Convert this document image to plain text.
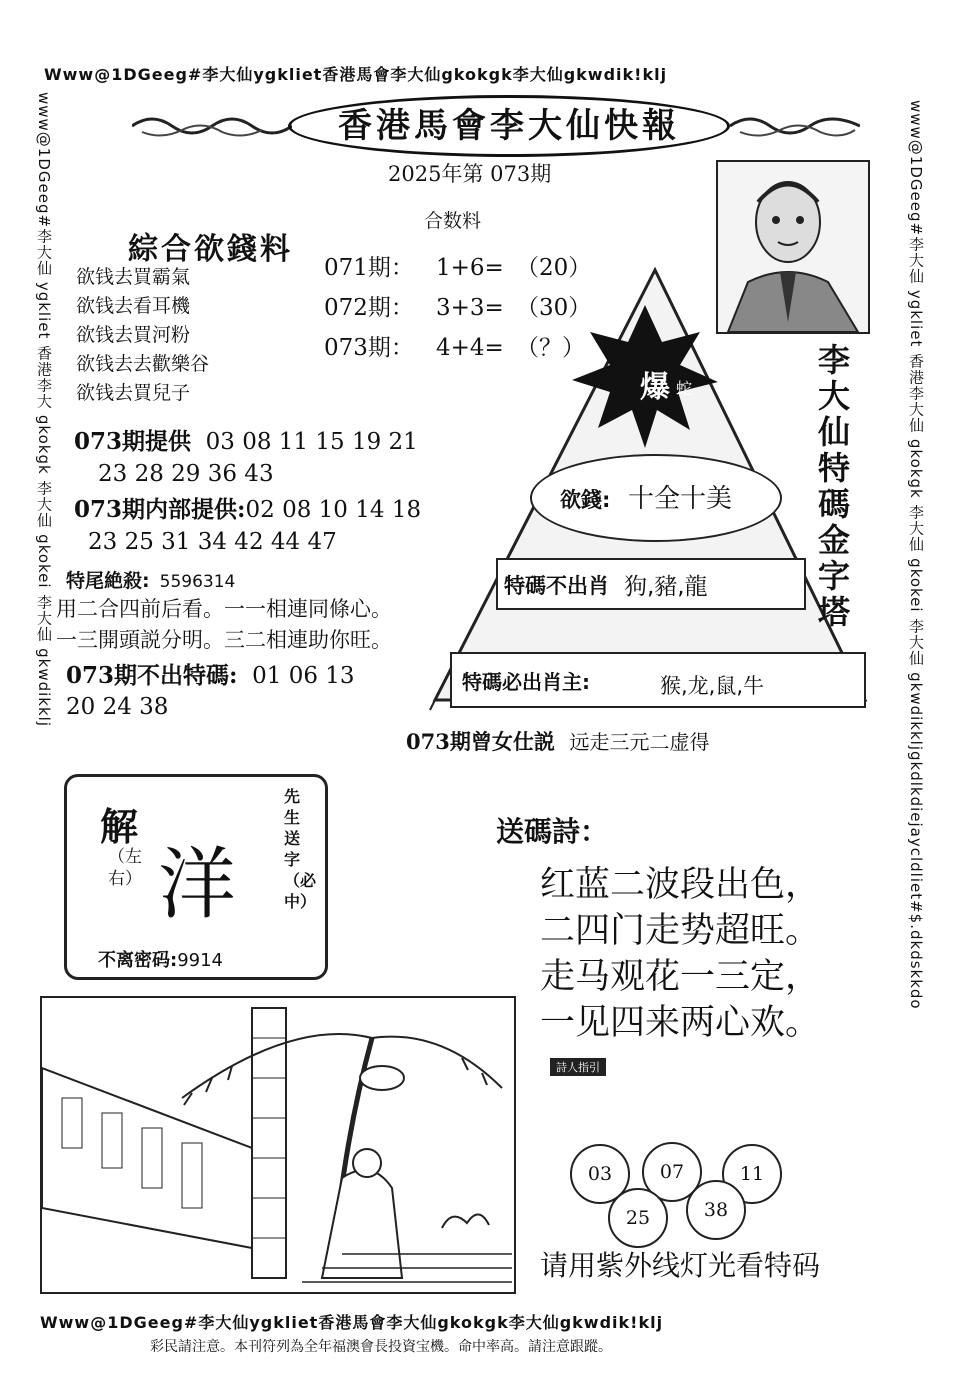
Www@1DGeeg#李大仙ygkliet香港馬會李大仙gkokgk李大仙gkwdik!klj
www@1DGeeg#李大仙 ygkliet 香港李大 gkokgk 李大仙 gkokei 李大仙 gkwdikklj	www@1DGeeg#李大仙 ygkliet 香港李大仙 gkokgk 李大仙 gkokei 李大仙 gkwdikkljgkdlkdiejaycldliet#$.dkdskkdo
Www@1DGeeg#李大仙ygkliet香港馬會李大仙gkokgk李大仙gkwdik!klj
彩民請注意。本刊符列為全年福澳會長投資宝機。命中率高。請注意跟蹤。
香港馬會李大仙快報
2025年第 073期
合数料
綜合欲錢料
欲钱去買霸氣
欲钱去看耳機
欲钱去買河粉
欲钱去去歡樂谷
欲钱去買兒子
071期： 1+6= （20）
072期： 3+3= （30）
073期： 4+4= （？）
爆 蛇
李大仙特碼金字塔
欲錢: 十全十美
特碼不出肖 狗,豬,龍
特碼必出肖主:	猴,龙,鼠,牛
073期提供 03 08 11 15 19 21
23 28 29 36 43
073期内部提供:02 08 10 14 18
23 25 31 34 42 44 47
特尾絶殺: 5596314
用二合四前后看。一一相連同條心。
一三開頭説分明。三二相連助你旺。
073期不出特碼: 01 06 13
20 24 38
073期曾女仕説 远走三元二虚得
解
（左右） 洋
先生送字（必中）
不离密码:9914
送碼詩：
红蓝二波段出色，
二四门走势超旺。
走马观花一三定，
一见四来两心欢。
詩人指引
03	07	11
25	38
请用紫外线灯光看特码
